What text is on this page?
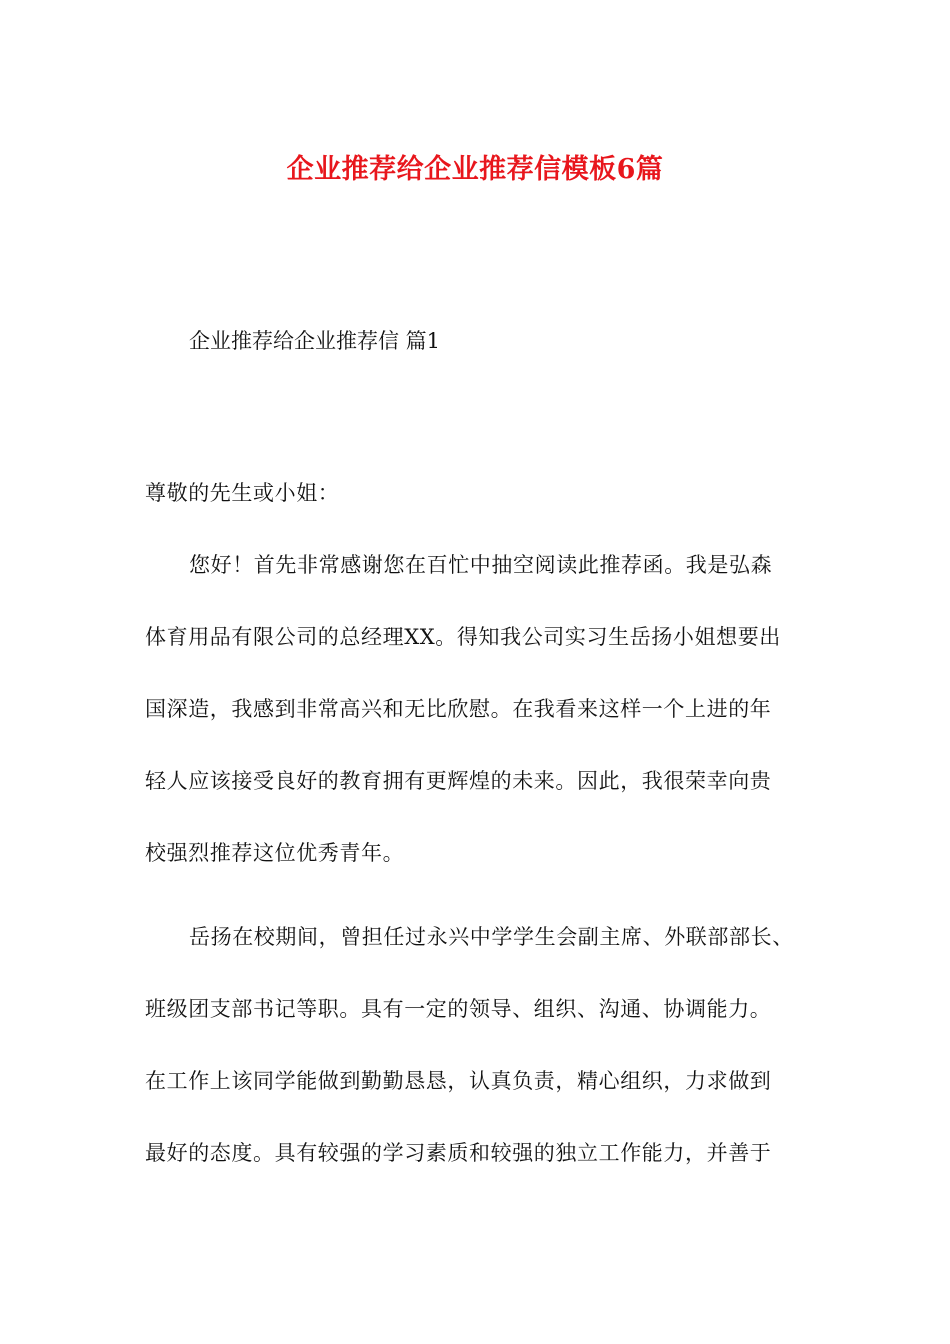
企业推荐给企业推荐信模板6篇
企业推荐给企业推荐信 篇1
尊敬的先生或小姐：
您好！首先非常感谢您在百忙中抽空阅读此推荐函。我是弘森
体育用品有限公司的总经理XX。得知我公司实习生岳扬小姐想要出
国深造，我感到非常高兴和无比欣慰。在我看来这样一个上进的年
轻人应该接受良好的教育拥有更辉煌的未来。因此，我很荣幸向贵
校强烈推荐这位优秀青年。
岳扬在校期间，曾担任过永兴中学学生会副主席、外联部部长、
班级团支部书记等职。具有一定的领导、组织、沟通、协调能力。
在工作上该同学能做到勤勤恳恳，认真负责，精心组织，力求做到
最好的态度。具有较强的学习素质和较强的独立工作能力，并善于
